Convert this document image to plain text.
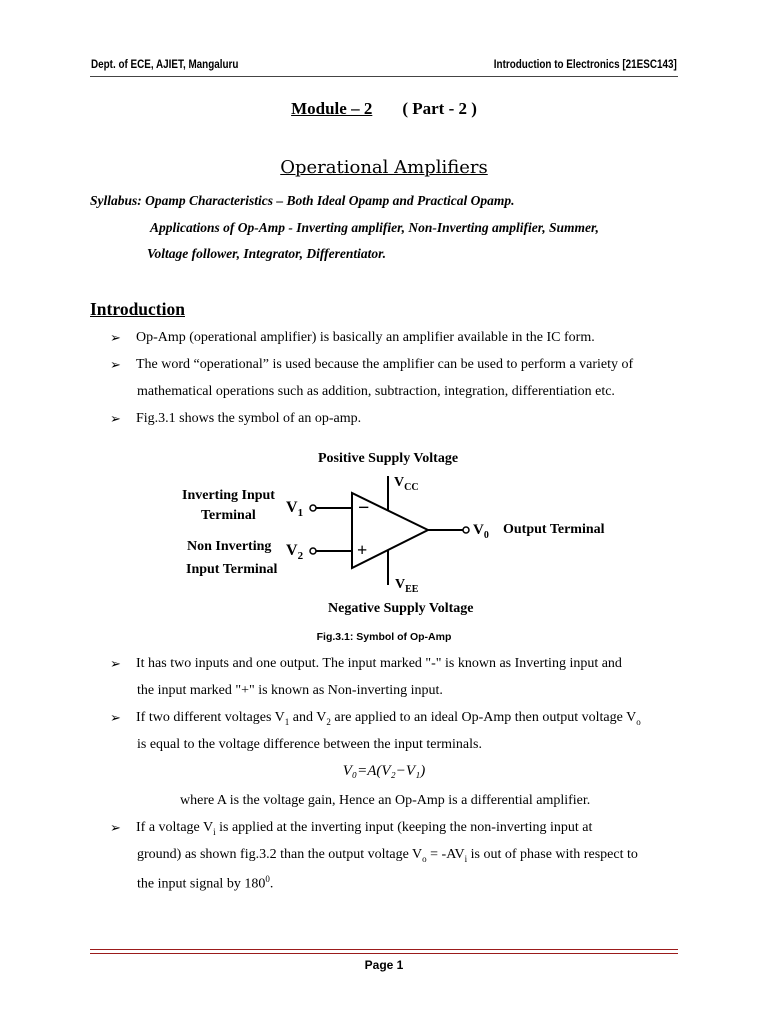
Dept. of ECE, AJIET, Mangaluru	Introduction to Electronics [21ESC143]
Module – 2 ( Part - 2 )
Operational Amplifiers
Syllabus: Opamp Characteristics – Both Ideal Opamp and Practical Opamp.
Applications of Op-Amp - Inverting amplifier, Non-Inverting amplifier, Summer,
Voltage follower, Integrator, Differentiator.
Introduction
➢ Op-Amp (operational amplifier) is basically an amplifier available in the IC form.
➢ The word “operational” is used because the amplifier can be used to perform a variety of
mathematical operations such as addition, subtraction, integration, differentiation etc.
➢ Fig.3.1 shows the symbol of an op-amp.
−
+
Positive Supply Voltage
Negative Supply Voltage
$V_{CC}$
$V_{EE}$
Inverting Input
Terminal
Non Inverting
Input Terminal
$V_1$
$V_2$
$V_0$ Output Terminal
Fig.3.1: Symbol of Op-Amp
➢ It has two inputs and one output. The input marked "-" is known as Inverting input and
the input marked "+" is known as Non-inverting input.
➢ If two different voltages $V_1$ and $V_2$ are applied to an ideal Op-Amp then output voltage $V_o$
is equal to the voltage difference between the input terminals.
V₀=A(V₂−V₁)
where A is the voltage gain, Hence an Op-Amp is a differential amplifier.
➢ If a voltage $V_i$ is applied at the inverting input (keeping the non-inverting input at
ground) as shown fig.3.2 than the output voltage $V_o = -AV_i$ is out of phase with respect to
the input signal by $180^0$.
Page 1
